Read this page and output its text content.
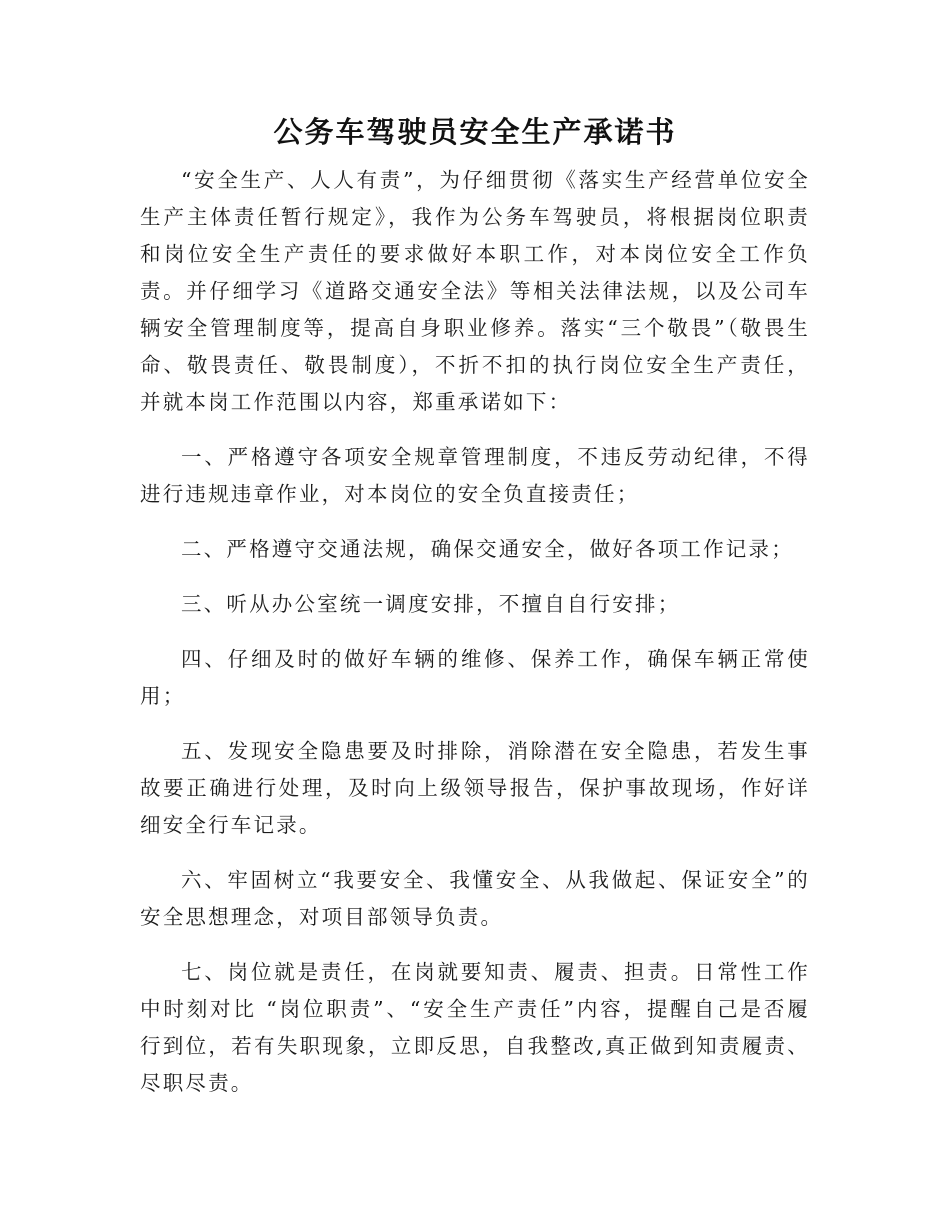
公务车驾驶员安全生产承诺书

“安全生产、人人有责”，为仔细贯彻《落实生产经营单位安全生产主体责任暂行规定》，我作为公务车驾驶员，将根据岗位职责和岗位安全生产责任的要求做好本职工作，对本岗位安全工作负责。并仔细学习《道路交通安全法》等相关法律法规，以及公司车辆安全管理制度等，提高自身职业修养。落实“三个敬畏”（敬畏生命、敬畏责任、敬畏制度），不折不扣的执行岗位安全生产责任，并就本岗工作范围以内容，郑重承诺如下：

一、严格遵守各项安全规章管理制度，不违反劳动纪律，不得进行违规违章作业，对本岗位的安全负直接责任；

二、严格遵守交通法规，确保交通安全，做好各项工作记录；

三、听从办公室统一调度安排，不擅自自行安排；

四、仔细及时的做好车辆的维修、保养工作，确保车辆正常使用；

五、发现安全隐患要及时排除，消除潜在安全隐患，若发生事故要正确进行处理，及时向上级领导报告，保护事故现场，作好详细安全行车记录。

六、牢固树立“我要安全、我懂安全、从我做起、保证安全”的安全思想理念，对项目部领导负责。

七、岗位就是责任，在岗就要知责、履责、担责。日常性工作中时刻对比 “岗位职责”、“安全生产责任”内容，提醒自己是否履行到位，若有失职现象，立即反思，自我整改,真正做到知责履责、尽职尽责。
